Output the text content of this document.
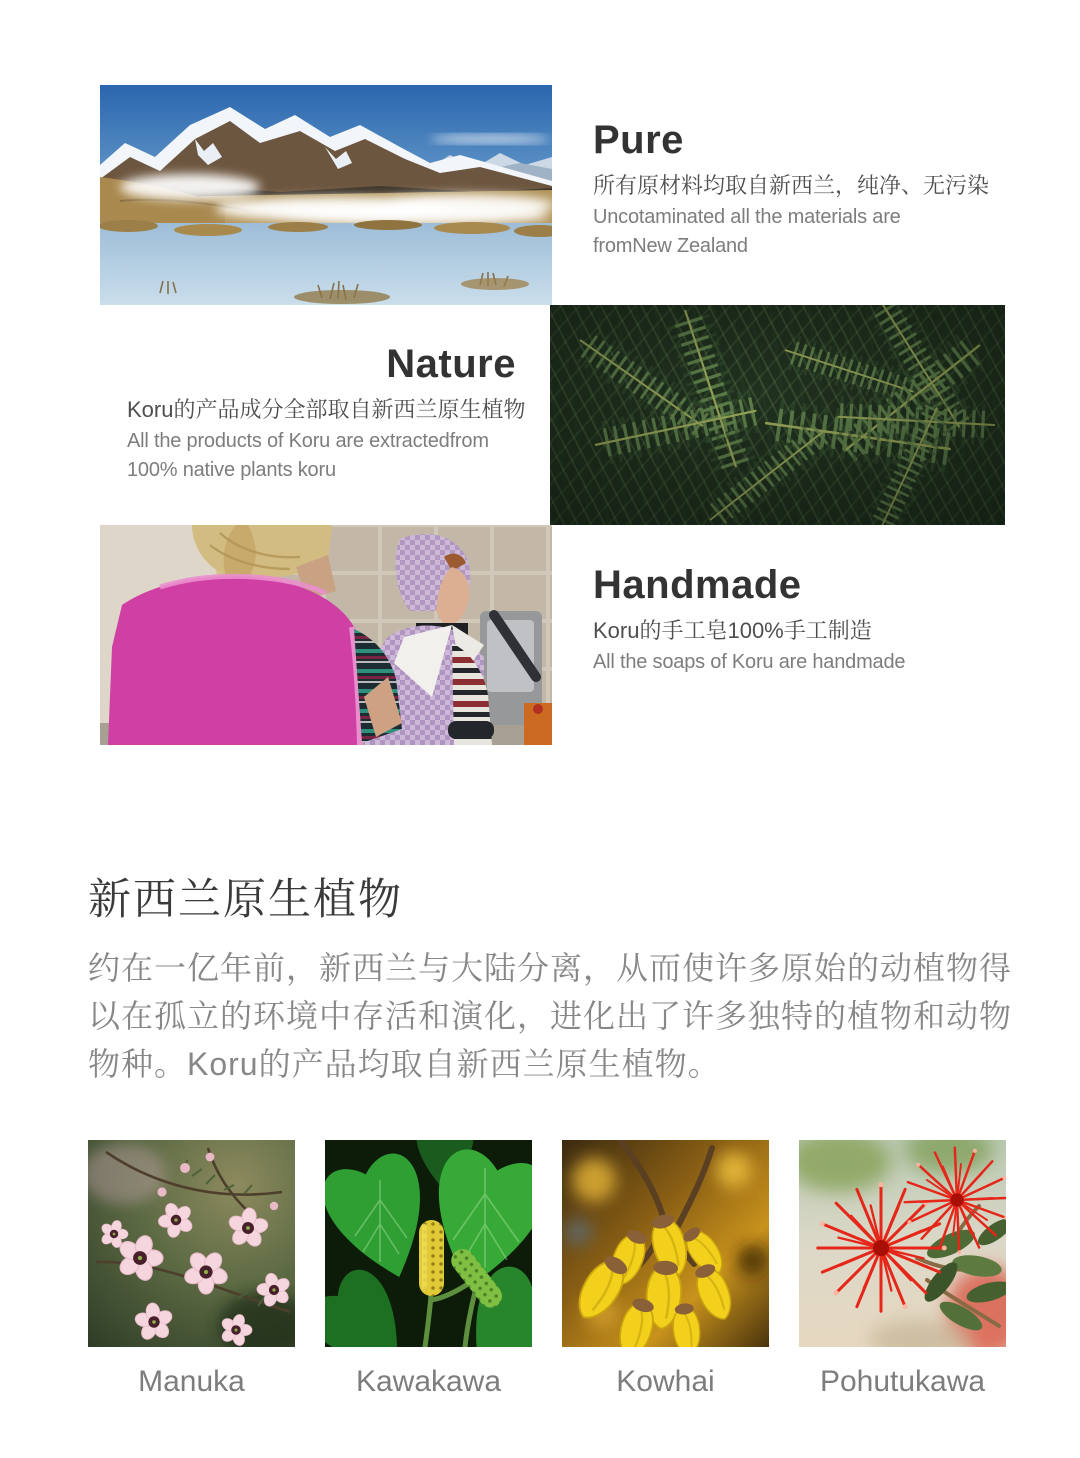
Pure
所有原材料均取自新西兰，纯净、无污染
Uncotaminated all the materials are
fromNew Zealand
Nature
Koru的产品成分全部取自新西兰原生植物
All the products of Koru are extractedfrom
100% native plants koru
Handmade
Koru的手工皂100%手工制造
All the soaps of Koru are handmade
新西兰原生植物
约在一亿年前，新西兰与大陆分离，从而使许多原始的动植物得以在孤立的环境中存活和演化，进化出了许多独特的植物和动物物种。Koru的产品均取自新西兰原生植物。
Manuka	Kawakawa	Kowhai	Pohutukawa
